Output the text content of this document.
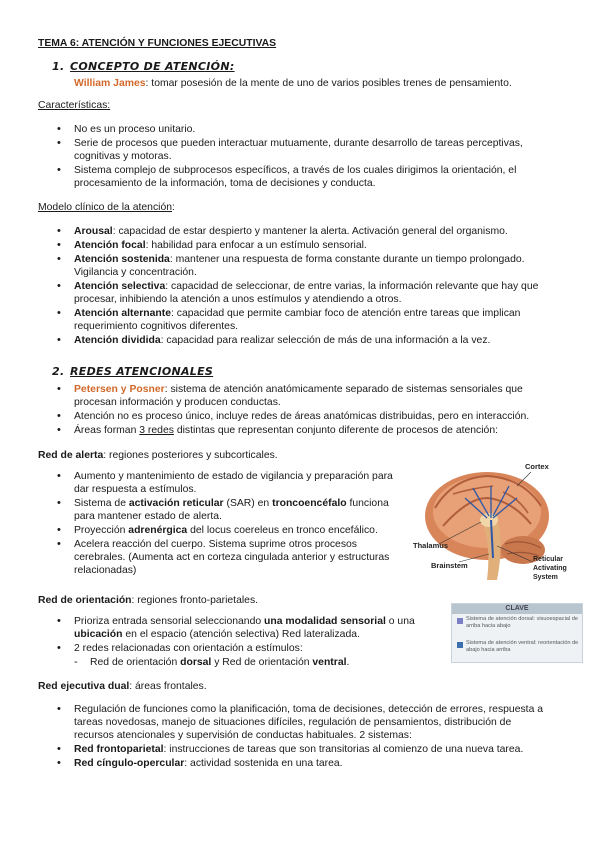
TEMA 6: ATENCIÓN Y FUNCIONES EJECUTIVAS

1. CONCEPTO DE ATENCIÓN:

William James: tomar posesión de la mente de uno de varios posibles trenes de pensamiento.

Características:

• No es un proceso unitario.
• Serie de procesos que pueden interactuar mutuamente, durante desarrollo de tareas perceptivas, cognitivas y motoras.
• Sistema complejo de subprocesos específicos, a través de los cuales dirigimos la orientación, el procesamiento de la información, toma de decisiones y conducta.

Modelo clínico de la atención:

• Arousal: capacidad de estar despierto y mantener la alerta. Activación general del organismo.
• Atención focal: habilidad para enfocar a un estímulo sensorial.
• Atención sostenida: mantener una respuesta de forma constante durante un tiempo prolongado. Vigilancia y concentración.
• Atención selectiva: capacidad de seleccionar, de entre varias, la información relevante que hay que procesar, inhibiendo la atención a unos estímulos y atendiendo a otros.
• Atención alternante: capacidad que permite cambiar foco de atención entre tareas que implican requerimiento cognitivos diferentes.
• Atención dividida: capacidad para realizar selección de más de una información a la vez.

2. REDES ATENCIONALES

• Petersen y Posner: sistema de atención anatómicamente separado de sistemas sensoriales que procesan información y producen conductas.
• Atención no es proceso único, incluye redes de áreas anatómicas distribuidas, pero en interacción.
• Áreas forman 3 redes distintas que representan conjunto diferente de procesos de atención:

Red de alerta: regiones posteriores y subcorticales.

• Aumento y mantenimiento de estado de vigilancia y preparación para dar respuesta a estímulos.
• Sistema de activación reticular (SAR) en troncoencéfalo funciona para mantener estado de alerta.
• Proyección adrenérgica del locus coereleus en tronco encefálico.
• Acelera reacción del cuerpo. Sistema suprime otros procesos cerebrales. (Aumenta act en corteza cingulada anterior y estructuras relacionadas)
Cortex
Thalamus
Brainstem
Reticular
Activating
System

Red de orientación: regiones fronto-parietales.

• Prioriza entrada sensorial seleccionando una modalidad sensorial o una ubicación en el espacio (atención selectiva) Red lateralizada.
• 2 redes relacionadas con orientación a estímulos:
- Red de orientación dorsal y Red de orientación ventral.
CLAVE
Sistema de atención dorsal: visuoespacial de arriba hacia abajo
Sistema de atención ventral: reorientación de abajo hacia arriba

Red ejecutiva dual: áreas frontales.

• Regulación de funciones como la planificación, toma de decisiones, detección de errores, respuesta a tareas novedosas, manejo de situaciones difíciles, regulación de pensamientos, distribución de recursos atencionales y supervisión de conductas habituales. 2 sistemas:
• Red frontoparietal: instrucciones de tareas que son transitorias al comienzo de una nueva tarea.
• Red cíngulo-opercular: actividad sostenida en una tarea.
